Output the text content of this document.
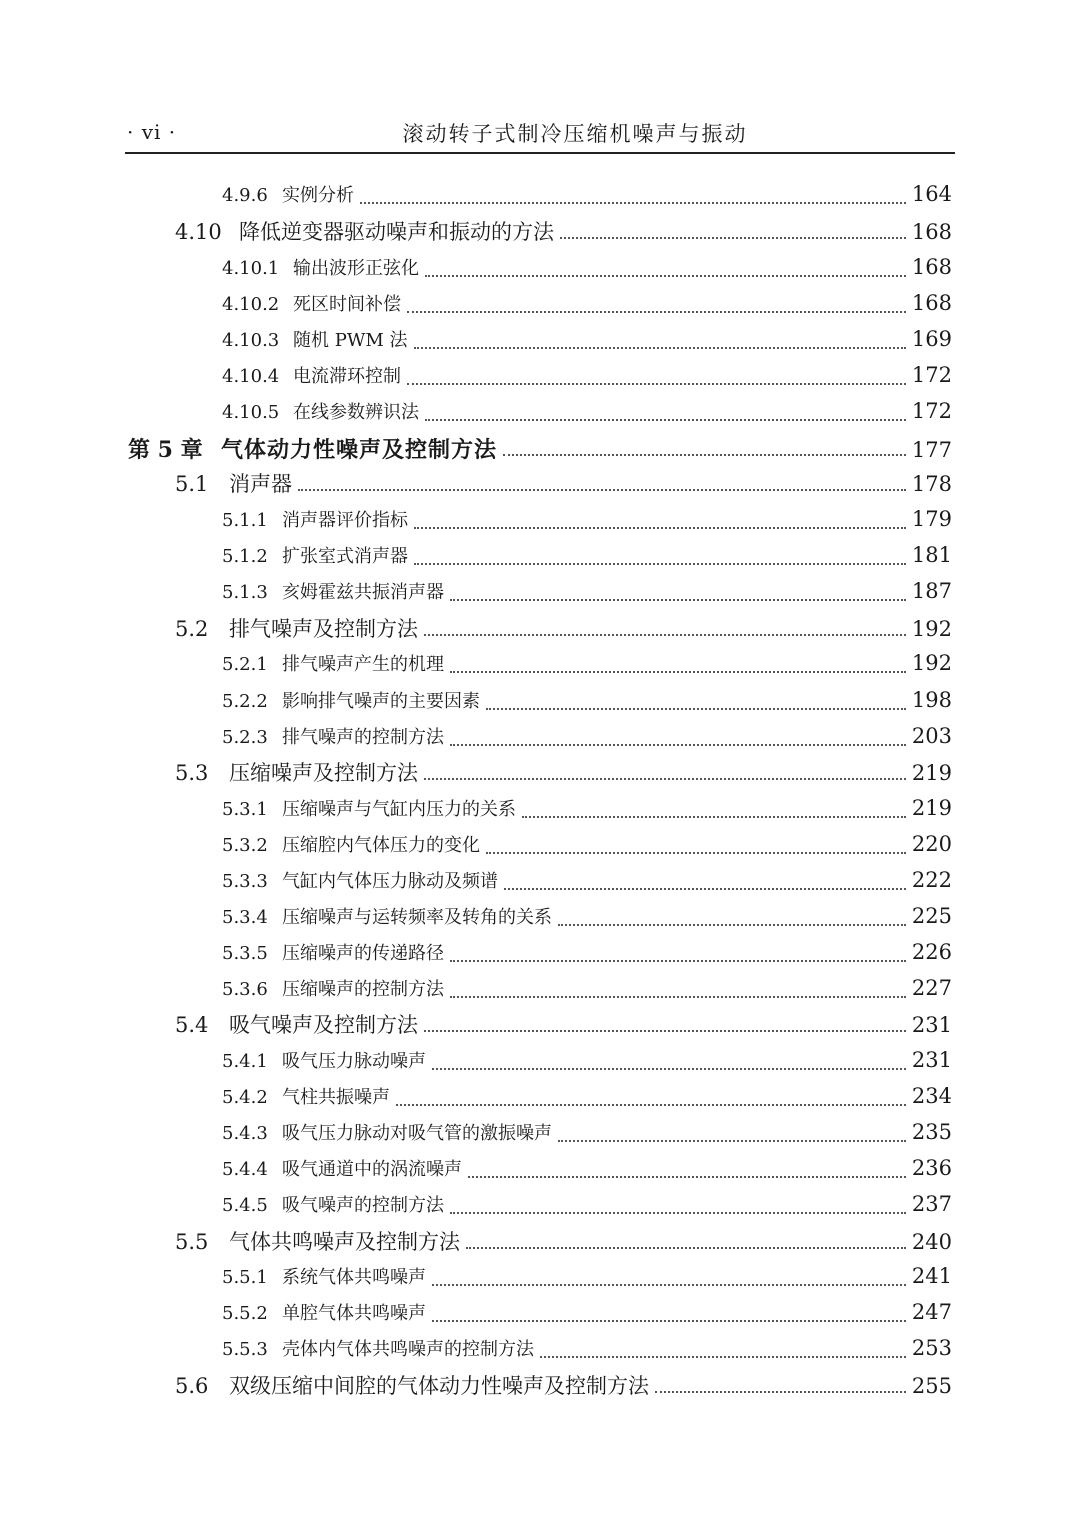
· vi ·	滚动转子式制冷压缩机噪声与振动
4.9.6 实例分析	164
4.10 降低逆变器驱动噪声和振动的方法	168
4.10.1 输出波形正弦化	168
4.10.2 死区时间补偿	168
4.10.3 随机 PWM 法	169
4.10.4 电流滞环控制	172
4.10.5 在线参数辨识法	172
第 5 章 气体动力性噪声及控制方法	177
5.1 消声器	178
5.1.1 消声器评价指标	179
5.1.2 扩张室式消声器	181
5.1.3 亥姆霍兹共振消声器	187
5.2 排气噪声及控制方法	192
5.2.1 排气噪声产生的机理	192
5.2.2 影响排气噪声的主要因素	198
5.2.3 排气噪声的控制方法	203
5.3 压缩噪声及控制方法	219
5.3.1 压缩噪声与气缸内压力的关系	219
5.3.2 压缩腔内气体压力的变化	220
5.3.3 气缸内气体压力脉动及频谱	222
5.3.4 压缩噪声与运转频率及转角的关系	225
5.3.5 压缩噪声的传递路径	226
5.3.6 压缩噪声的控制方法	227
5.4 吸气噪声及控制方法	231
5.4.1 吸气压力脉动噪声	231
5.4.2 气柱共振噪声	234
5.4.3 吸气压力脉动对吸气管的激振噪声	235
5.4.4 吸气通道中的涡流噪声	236
5.4.5 吸气噪声的控制方法	237
5.5 气体共鸣噪声及控制方法	240
5.5.1 系统气体共鸣噪声	241
5.5.2 单腔气体共鸣噪声	247
5.5.3 壳体内气体共鸣噪声的控制方法	253
5.6 双级压缩中间腔的气体动力性噪声及控制方法	255
